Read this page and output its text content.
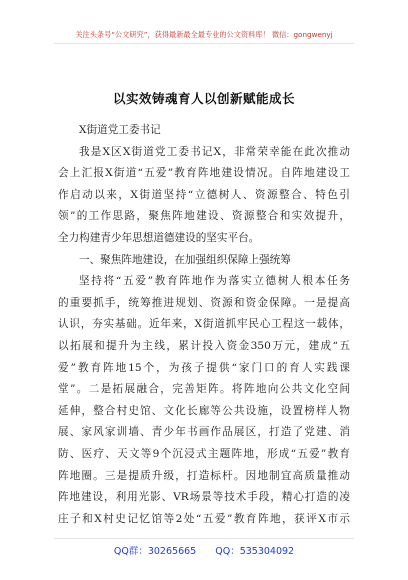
关注头条号“公文研究”，获得最新最全最专业的公文资料库！ 微信：gongwenyj
以实效铸魂育人以创新赋能成长
X街道党工委书记
我是X区X街道党工委书记X，非常荣幸能在此次推动
会上汇报X街道“五爱”教育阵地建设情况。自阵地建设工
作启动以来，X街道坚持“立德树人、资源整合、特色引
领”的工作思路，聚焦阵地建设、资源整合和实效提升，
全力构建青少年思想道德建设的坚实平台。
一、聚焦阵地建设，在加强组织保障上强统筹
坚持将“五爱”教育阵地作为落实立德树人根本任务
的重要抓手，统筹推进规划、资源和资金保障。一是提高
认识，夯实基础。近年来，X街道抓牢民心工程这一载体，
以拓展和提升为主线，累计投入资金350万元，建成“五
爱”教育阵地15个，为孩子提供“家门口的育人实践课
堂”。二是拓展融合，完善矩阵。将阵地向公共文化空间
延伸，整合村史馆、文化长廊等公共设施，设置榜样人物
展、家风家训墙、青少年书画作品展区，打造了党建、消
防、医疗、天文等9个沉浸式主题阵地，形成“五爱”教育
阵地圈。三是提质升级，打造标杆。因地制宜高质量推动
阵地建设，利用光影、VR场景等技术手段，精心打造的凌
庄子和X村史记忆馆等2处“五爱”教育阵地，获评X市示
QQ群：30265665 QQ：535304092
